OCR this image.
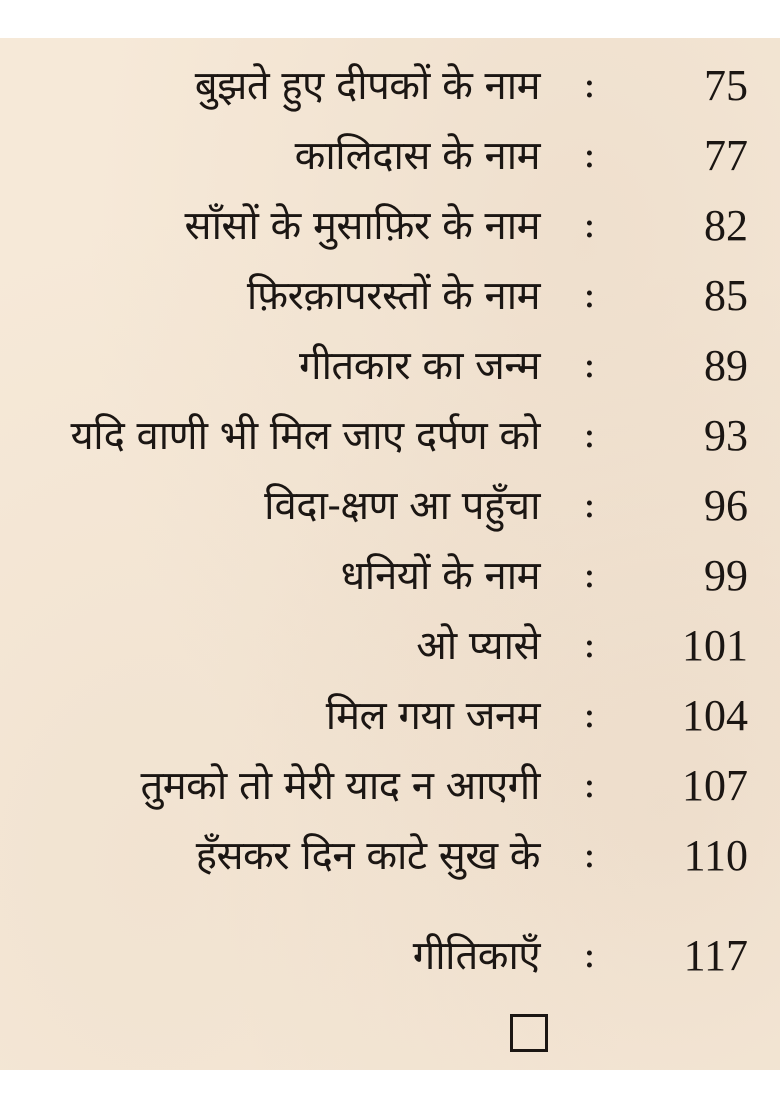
बुझते हुए दीपकों के नाम : 75
कालिदास के नाम : 77
साँसों के मुसाफ़िर के नाम : 82
फ़िरक़ापरस्तों के नाम : 85
गीतकार का जन्म : 89
यदि वाणी भी मिल जाए दर्पण को : 93
विदा-क्षण आ पहुँचा : 96
धनियों के नाम : 99
ओ प्यासे : 101
मिल गया जनम : 104
तुमको तो मेरी याद न आएगी : 107
हँसकर दिन काटे सुख के : 110
गीतिकाएँ : 117
